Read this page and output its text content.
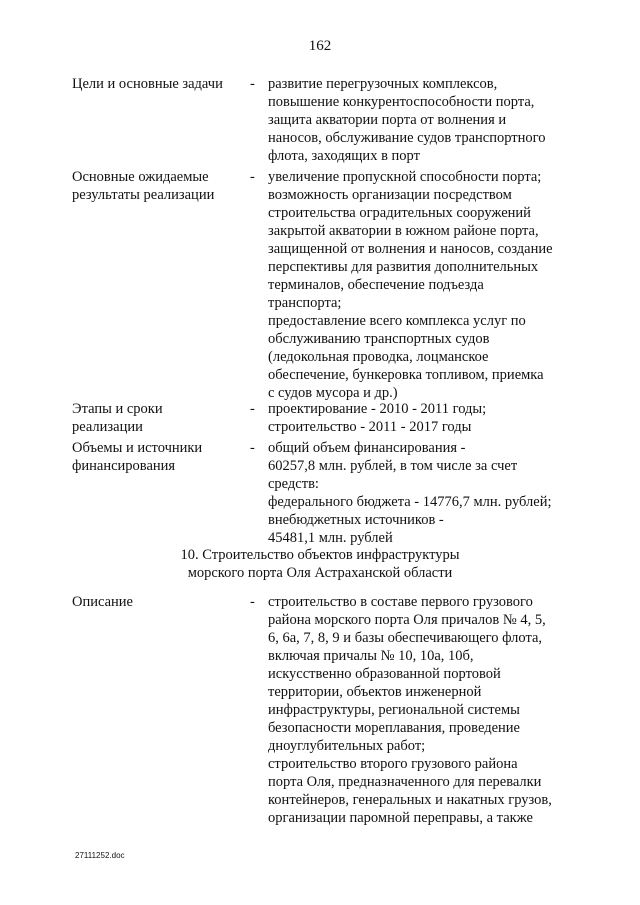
162
Цели и основные задачи	- развитие перегрузочных комплексов,
повышение конкурентоспособности порта,
защита акватории порта от волнения и
наносов, обслуживание судов транспортного
флота, заходящих в порт
Основные ожидаемые
результаты реализации
- увеличение пропускной способности порта;
возможность организации посредством
строительства оградительных сооружений
закрытой акватории в южном районе порта,
защищенной от волнения и наносов, создание
перспективы для развития дополнительных
терминалов, обеспечение подъезда
транспорта;
предоставление всего комплекса услуг по
обслуживанию транспортных судов
(ледокольная проводка, лоцманское
обеспечение, бункеровка топливом, приемка
с судов мусора и др.)
Этапы и сроки
реализации
- проектирование - 2010 - 2011 годы;
строительство - 2011 - 2017 годы
Объемы и источники
финансирования
- общий объем финансирования -
60257,8 млн. рублей, в том числе за счет
средств:
федерального бюджета - 14776,7 млн. рублей;
внебюджетных источников -
45481,1 млн. рублей
10. Строительство объектов инфраструктуры
морского порта Оля Астраханской области
Описание	- строительство в составе первого грузового
района морского порта Оля причалов № 4, 5,
6, 6а, 7, 8, 9 и базы обеспечивающего флота,
включая причалы № 10, 10а, 10б,
искусственно образованной портовой
территории, объектов инженерной
инфраструктуры, региональной системы
безопасности мореплавания, проведение
дноуглубительных работ;
строительство второго грузового района
порта Оля, предназначенного для перевалки
контейнеров, генеральных и накатных грузов,
организации паромной переправы, а также
27111252.doc
